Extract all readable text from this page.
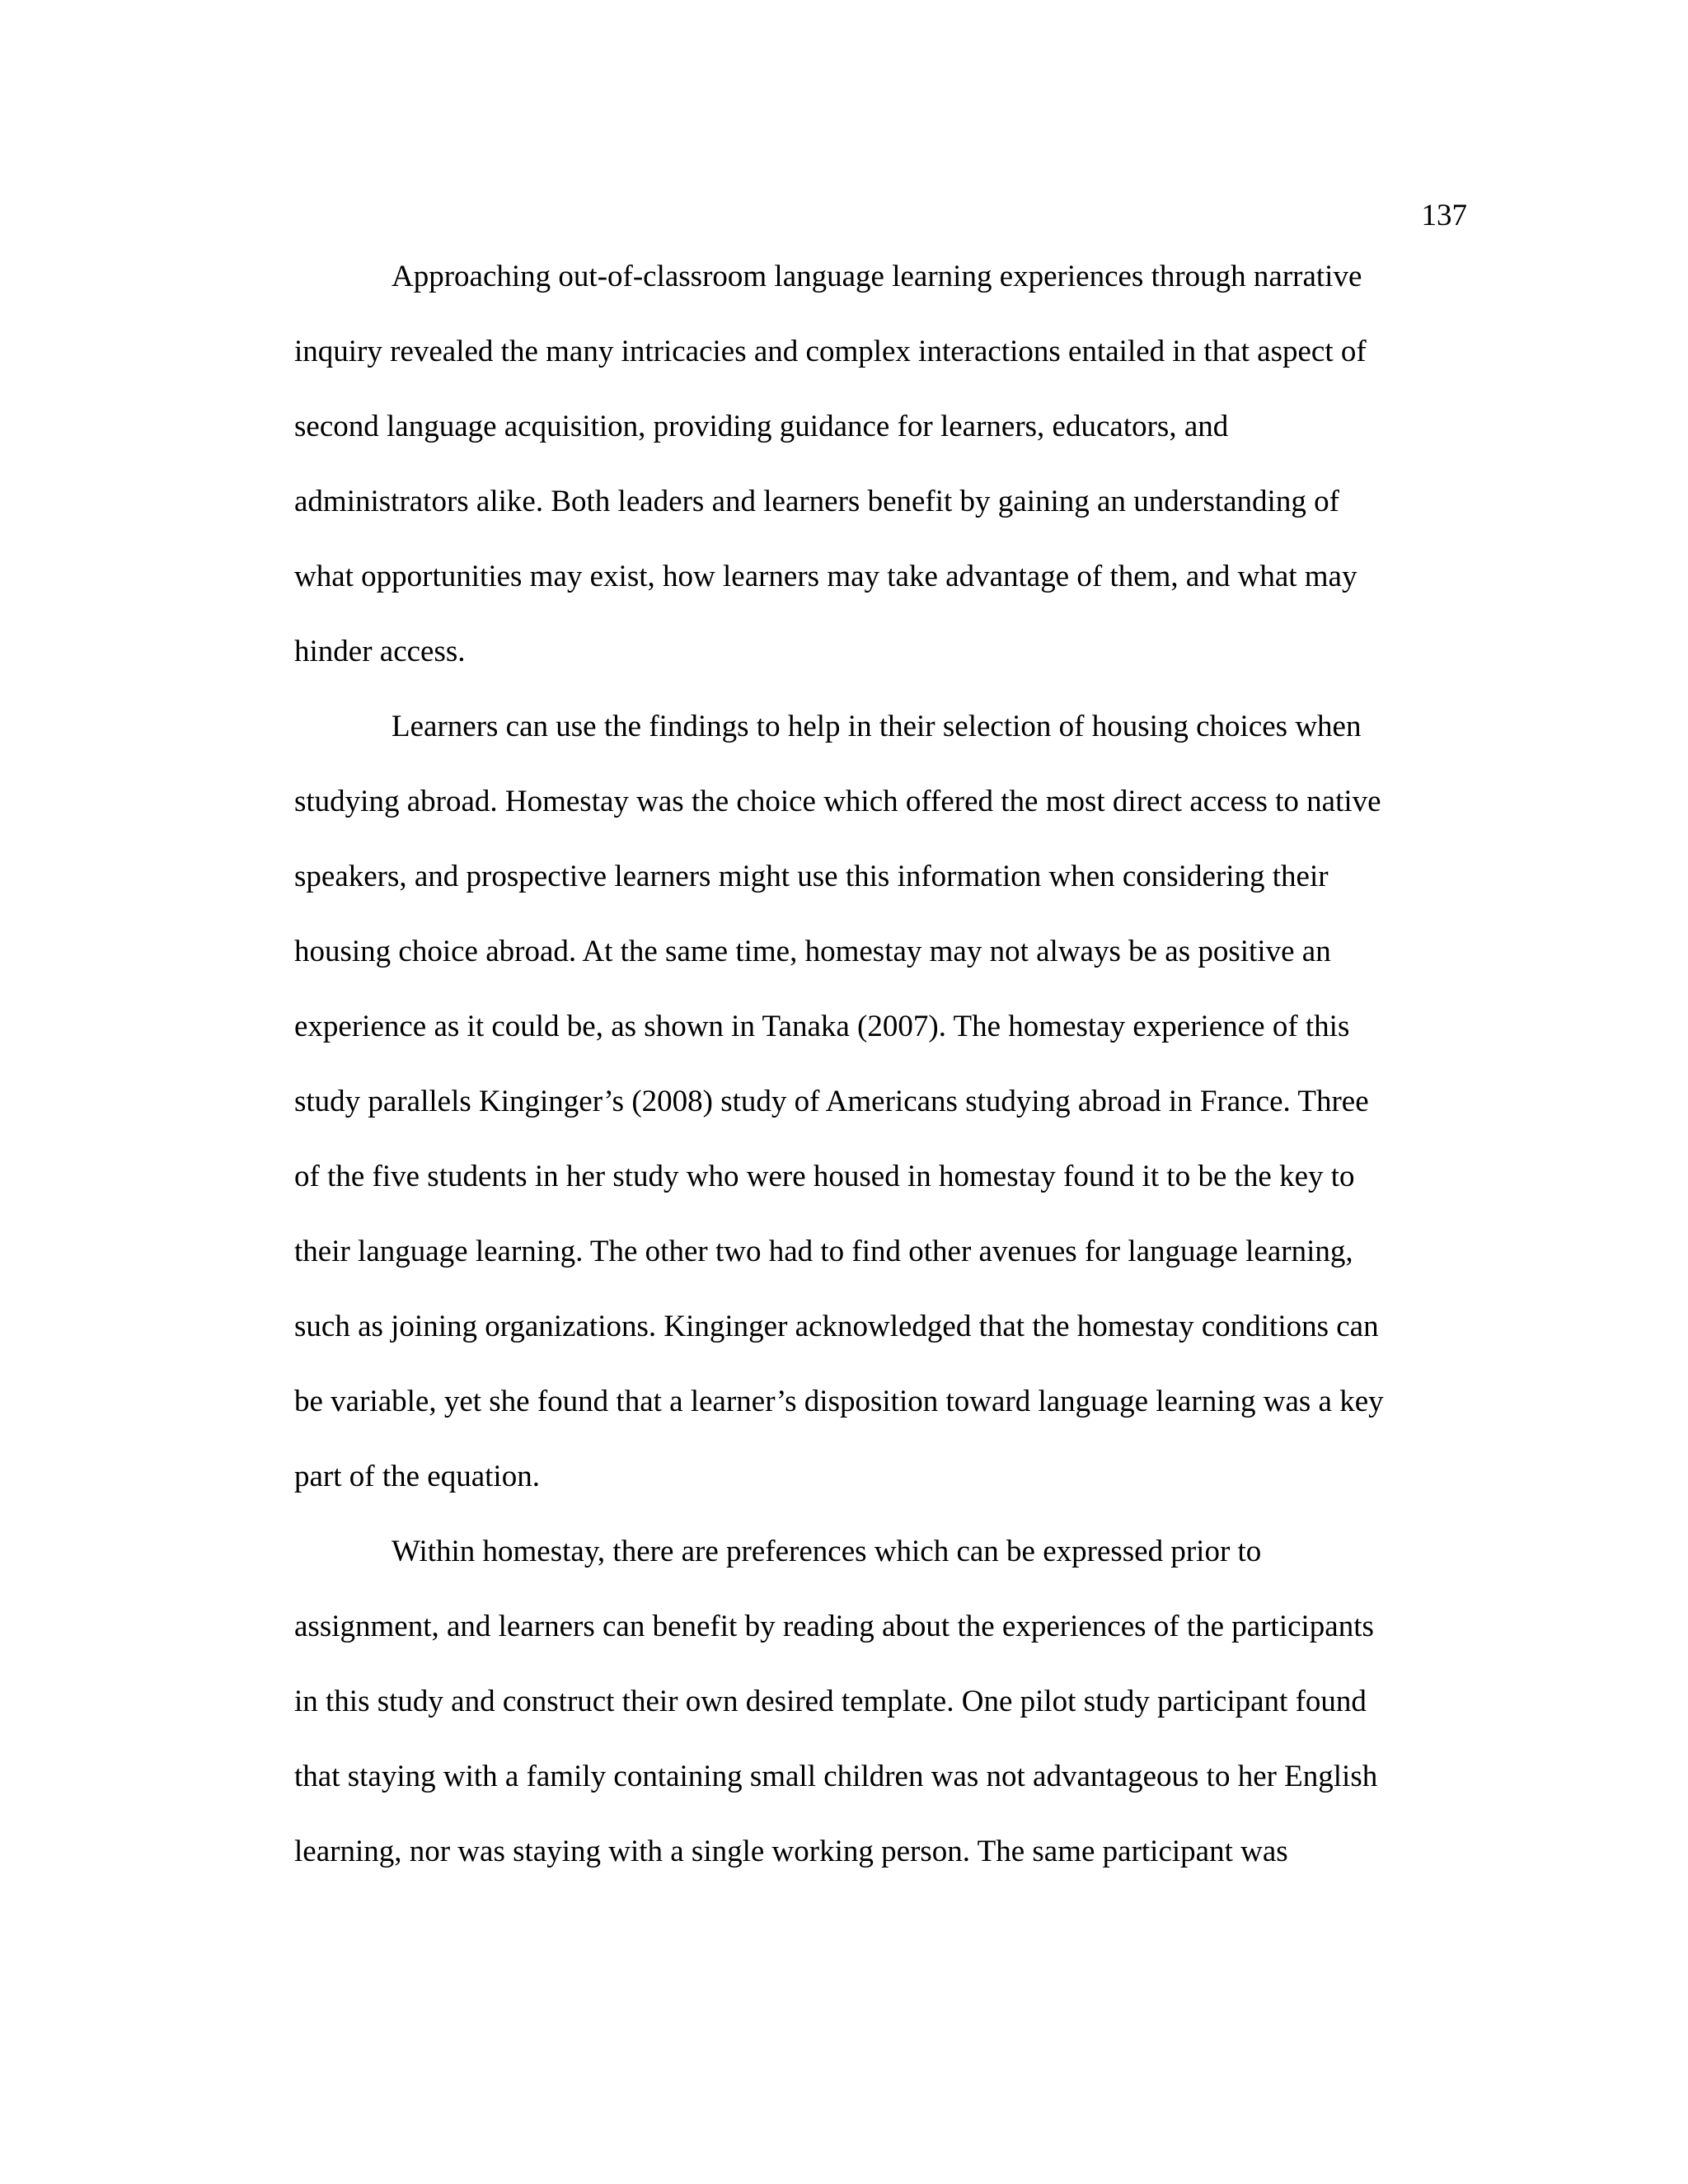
137
Approaching out-of-classroom language learning experiences through narrative
inquiry revealed the many intricacies and complex interactions entailed in that aspect of
second language acquisition, providing guidance for learners, educators, and
administrators alike. Both leaders and learners benefit by gaining an understanding of
what opportunities may exist, how learners may take advantage of them, and what may
hinder access.
Learners can use the findings to help in their selection of housing choices when
studying abroad. Homestay was the choice which offered the most direct access to native
speakers, and prospective learners might use this information when considering their
housing choice abroad. At the same time, homestay may not always be as positive an
experience as it could be, as shown in Tanaka (2007). The homestay experience of this
study parallels Kinginger’s (2008) study of Americans studying abroad in France. Three
of the five students in her study who were housed in homestay found it to be the key to
their language learning. The other two had to find other avenues for language learning,
such as joining organizations. Kinginger acknowledged that the homestay conditions can
be variable, yet she found that a learner’s disposition toward language learning was a key
part of the equation.
Within homestay, there are preferences which can be expressed prior to
assignment, and learners can benefit by reading about the experiences of the participants
in this study and construct their own desired template. One pilot study participant found
that staying with a family containing small children was not advantageous to her English
learning, nor was staying with a single working person. The same participant was
